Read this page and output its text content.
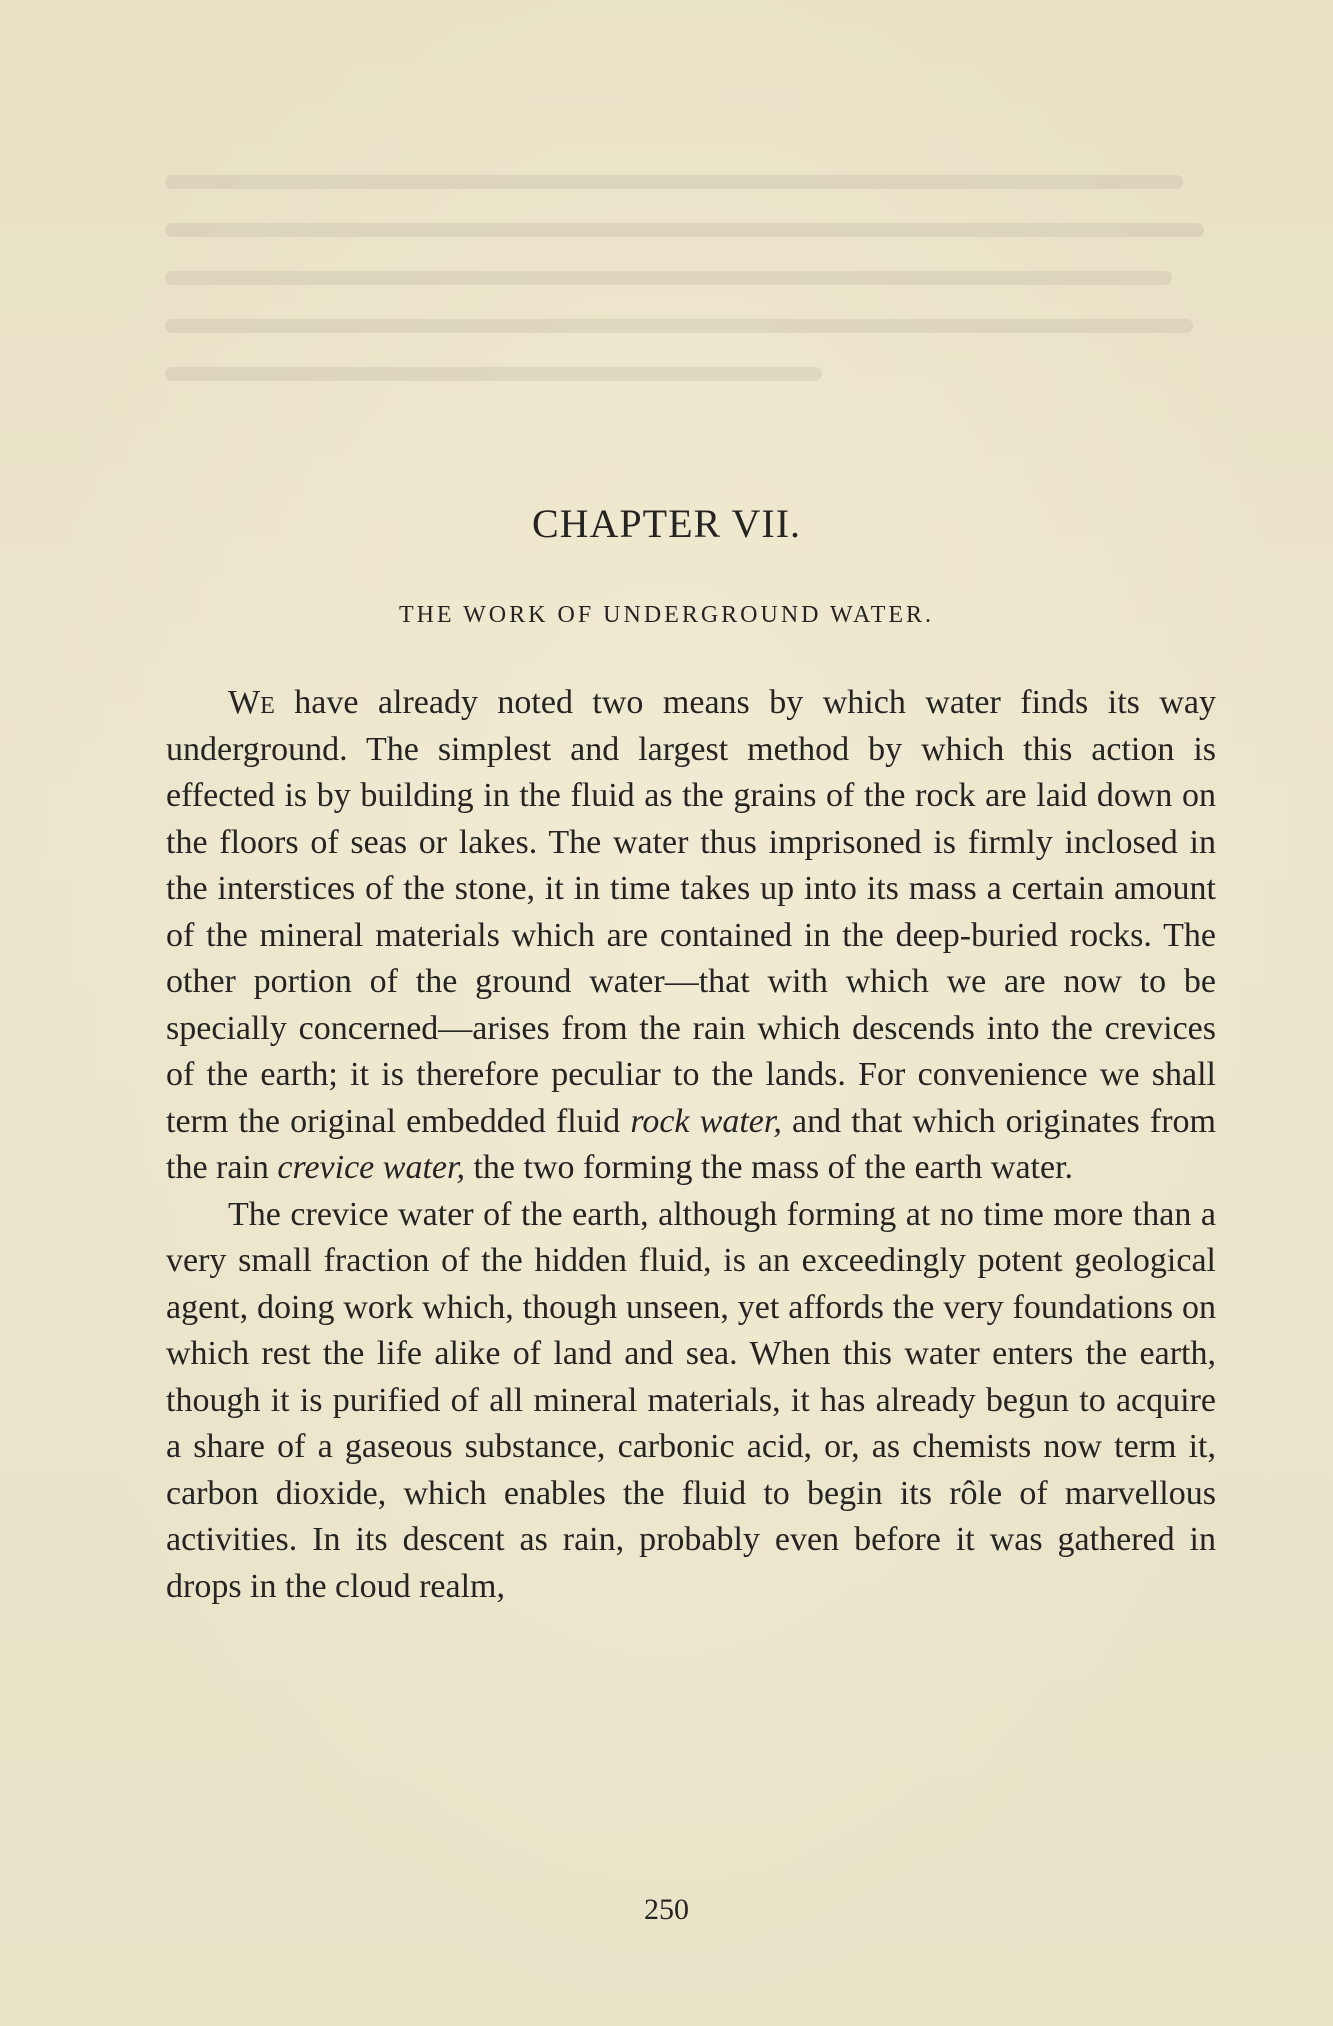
CHAPTER VII.
THE WORK OF UNDERGROUND WATER.

We have already noted two means by which water finds its way underground. The simplest and largest method by which this action is effected is by building in the fluid as the grains of the rock are laid down on the floors of seas or lakes. The water thus imprisoned is firmly inclosed in the interstices of the stone, it in time takes up into its mass a certain amount of the mineral materials which are contained in the deep-buried rocks. The other portion of the ground water—that with which we are now to be specially concerned—arises from the rain which descends into the crevices of the earth; it is therefore peculiar to the lands. For convenience we shall term the original embedded fluid rock water, and that which originates from the rain crevice water, the two forming the mass of the earth water.

The crevice water of the earth, although forming at no time more than a very small fraction of the hidden fluid, is an exceedingly potent geological agent, doing work which, though unseen, yet affords the very foundations on which rest the life alike of land and sea. When this water enters the earth, though it is purified of all mineral materials, it has already begun to acquire a share of a gaseous substance, carbonic acid, or, as chemists now term it, carbon dioxide, which enables the fluid to begin its rôle of marvellous activities. In its descent as rain, probably even before it was gathered in drops in the cloud realm,

250
